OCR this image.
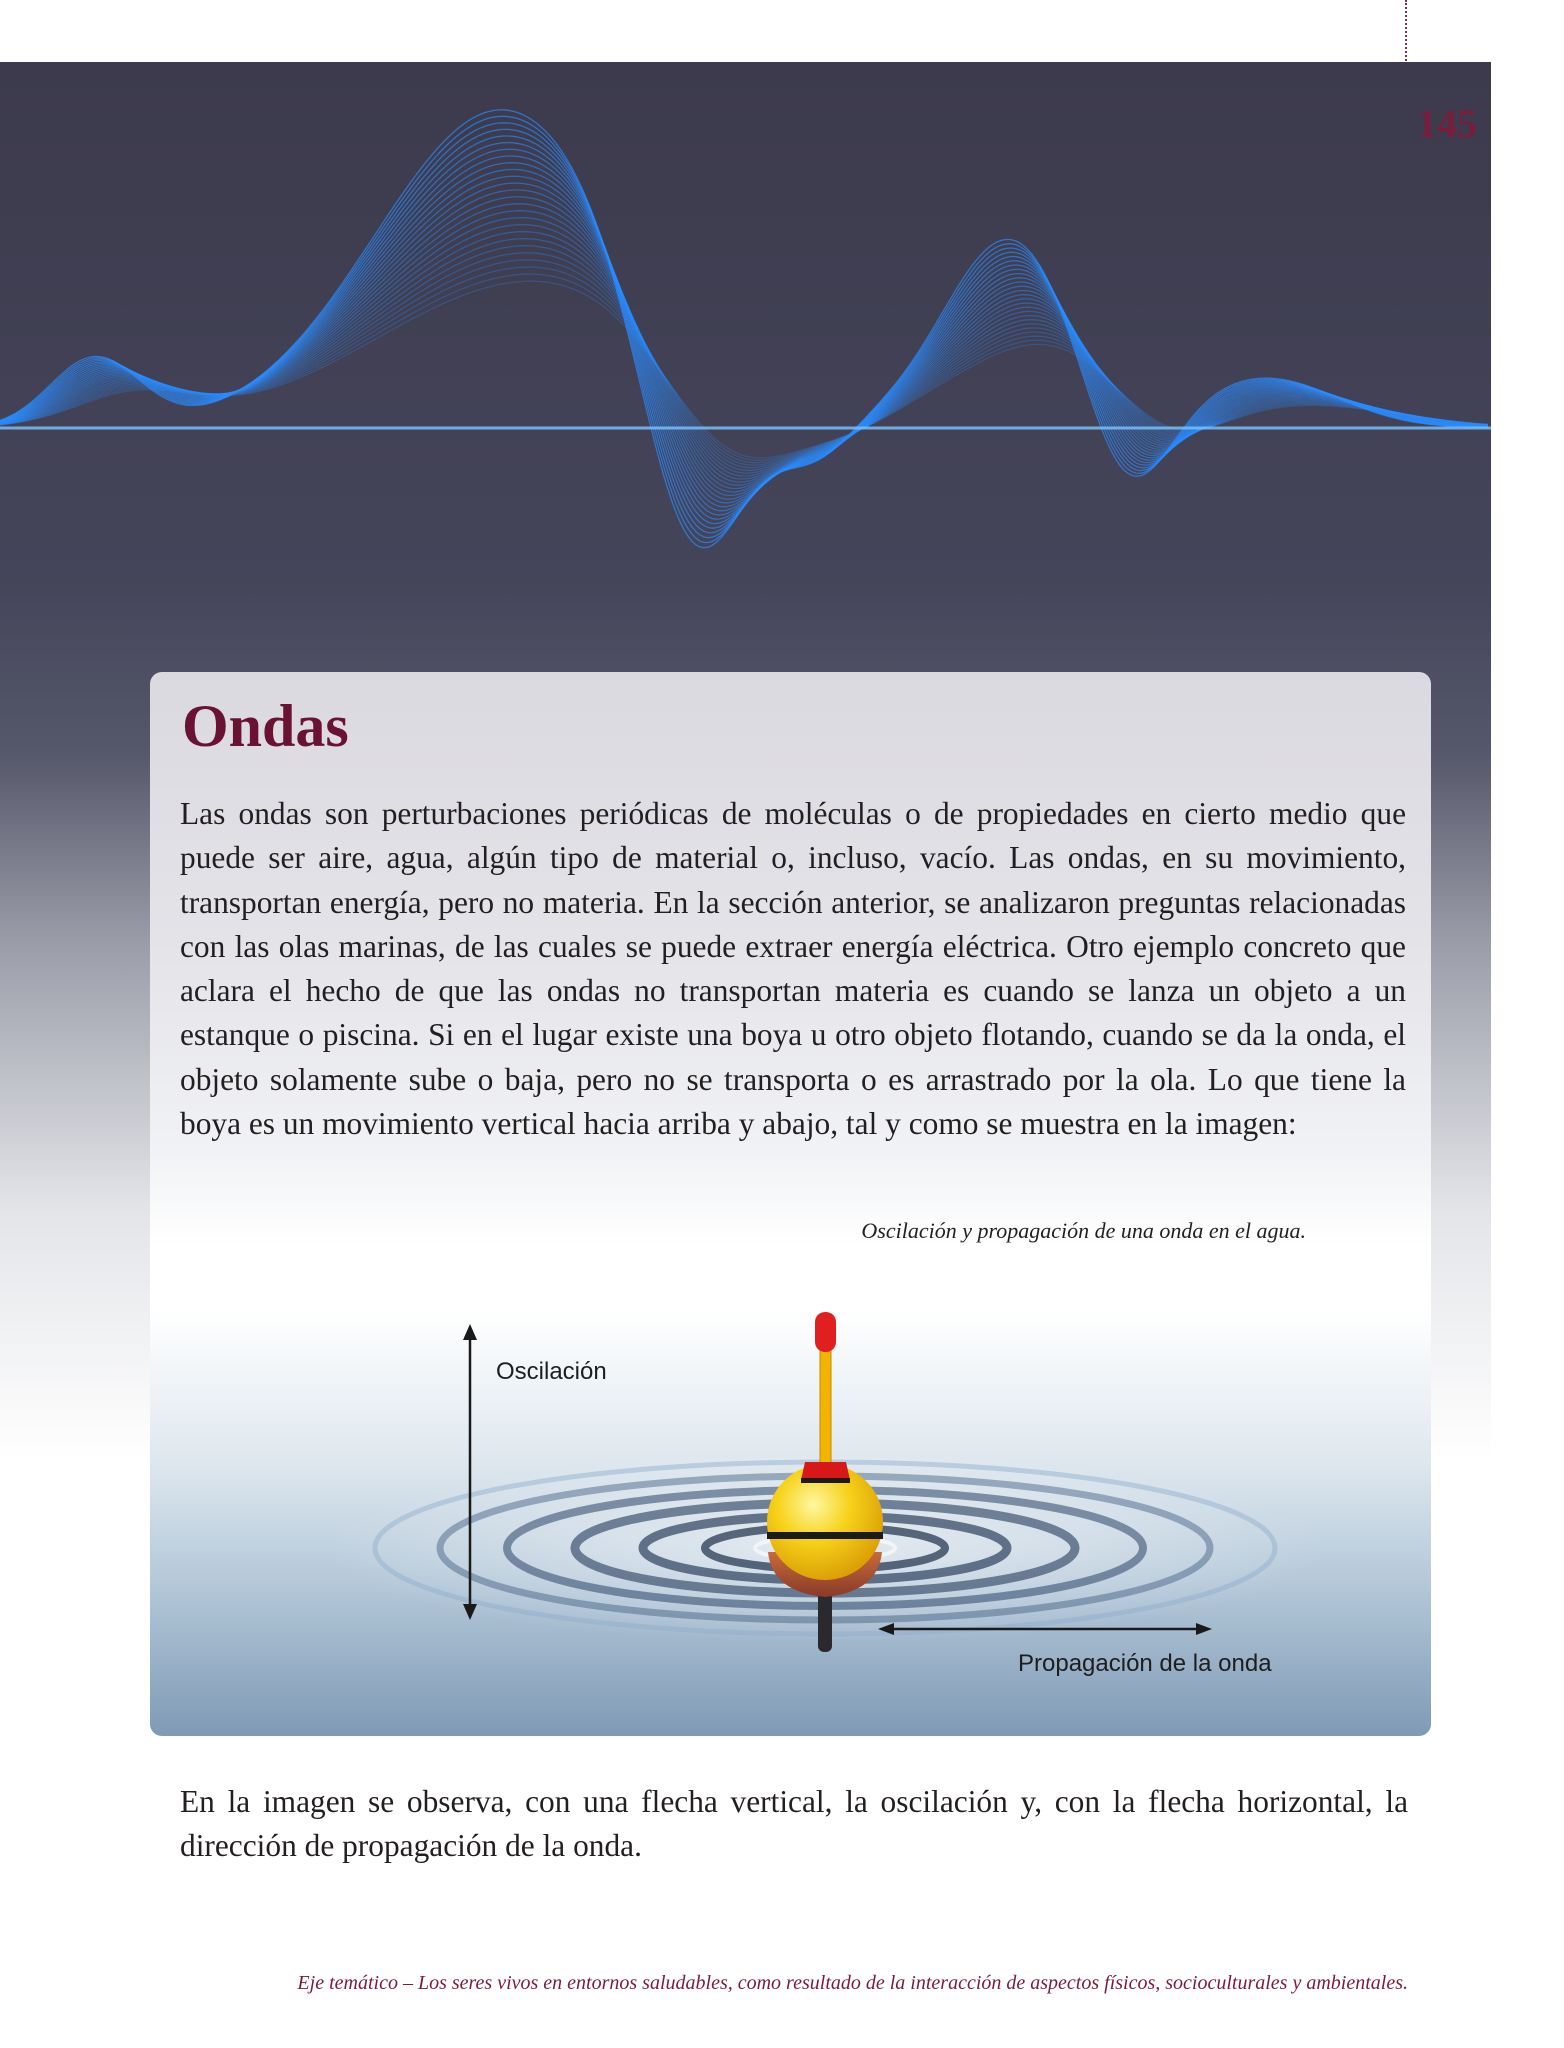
145
Ondas

Las ondas son perturbaciones periódicas de moléculas o de propiedades en cierto medio que puede ser aire, agua, algún tipo de material o, incluso, vacío. Las ondas, en su movimiento, transportan energía, pero no materia. En la sección anterior, se analizaron preguntas relacionadas con las olas marinas, de las cuales se puede extraer energía eléctrica. Otro ejemplo concreto que aclara el hecho de que las ondas no transportan materia es cuando se lanza un objeto a un estanque o piscina. Si en el lugar existe una boya u otro objeto flotando, cuando se da la onda, el objeto solamente sube o baja, pero no se transporta o es arrastrado por la ola. Lo que tiene la boya es un movimiento vertical hacia arriba y abajo, tal y como se muestra en la imagen:

Oscilación y propagación de una onda en el agua.
Oscilación
Propagación de la onda

En la imagen se observa, con una flecha vertical, la oscilación y, con la flecha horizontal, la dirección de propagación de la onda.

Eje temático – Los seres vivos en entornos saludables, como resultado de la interacción de aspectos físicos, socioculturales y ambientales.
